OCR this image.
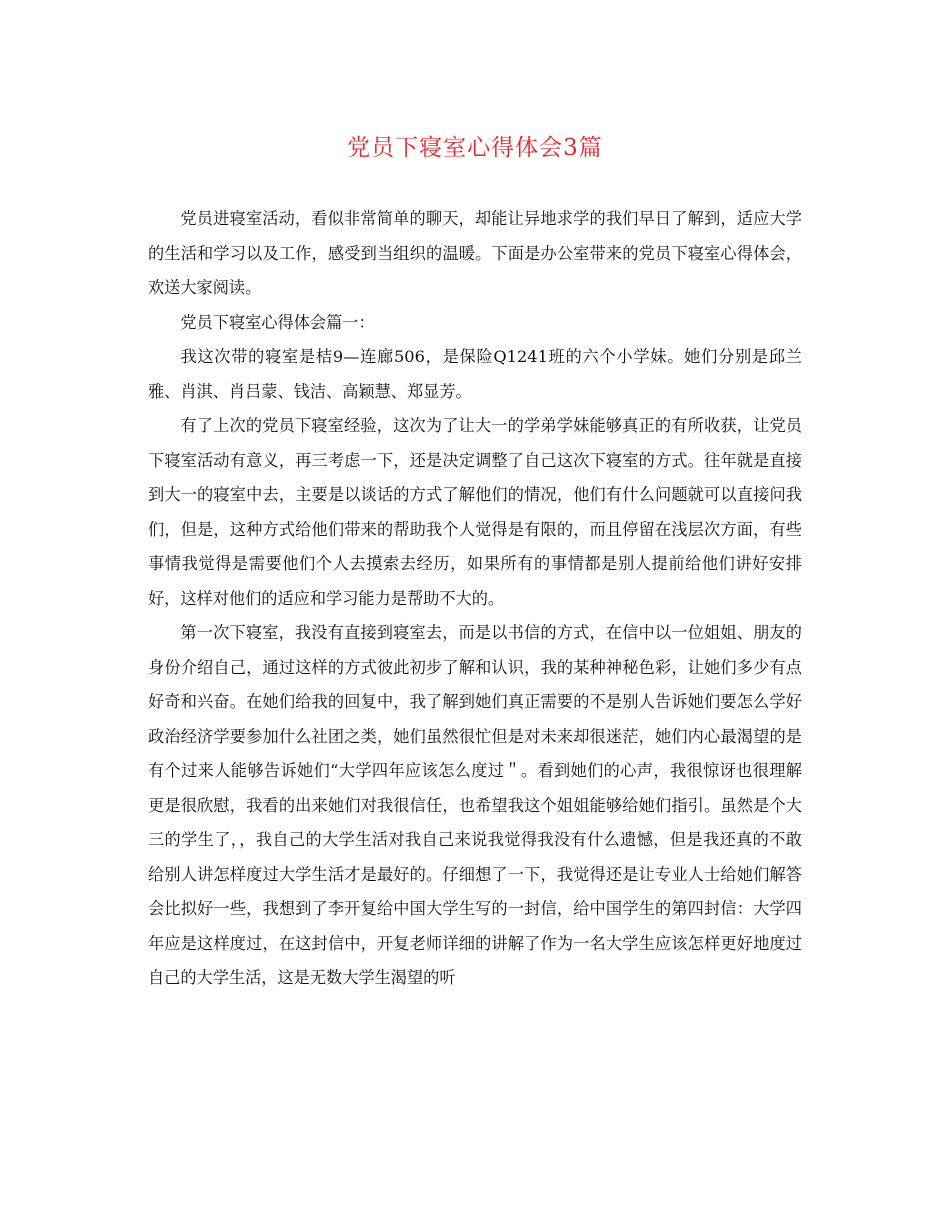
党员下寝室心得体会3篇

党员进寝室活动，看似非常简单的聊天，却能让异地求学的我们早日了解到，适应大学的生活和学习以及工作，感受到当组织的温暖。下面是办公室带来的党员下寝室心得体会，欢送大家阅读。

党员下寝室心得体会篇一：

我这次带的寝室是桔9—连廊506，是保险Q1241班的六个小学妹。她们分别是邱兰雅、肖淇、肖吕蒙、钱洁、高颖慧、郑显芳。

有了上次的党员下寝室经验，这次为了让大一的学弟学妹能够真正的有所收获，让党员下寝室活动有意义，再三考虑一下，还是决定调整了自己这次下寝室的方式。往年就是直接到大一的寝室中去，主要是以谈话的方式了解他们的情况，他们有什么问题就可以直接问我们，但是，这种方式给他们带来的帮助我个人觉得是有限的，而且停留在浅层次方面，有些事情我觉得是需要他们个人去摸索去经历，如果所有的事情都是别人提前给他们讲好安排好，这样对他们的适应和学习能力是帮助不大的。

第一次下寝室，我没有直接到寝室去，而是以书信的方式，在信中以一位姐姐、朋友的身份介绍自己，通过这样的方式彼此初步了解和认识，我的某种神秘色彩，让她们多少有点好奇和兴奋。在她们给我的回复中，我了解到她们真正需要的不是别人告诉她们要怎么学好政治经济学要参加什么社团之类，她们虽然很忙但是对未来却很迷茫，她们内心最渴望的是有个过来人能够告诉她们“大学四年应该怎么度过＂。看到她们的心声，我很惊讶也很理解更是很欣慰，我看的出来她们对我很信任，也希望我这个姐姐能够给她们指引。虽然是个大三的学生了，，我自己的大学生活对我自己来说我觉得我没有什么遗憾，但是我还真的不敢给别人讲怎样度过大学生活才是最好的。仔细想了一下，我觉得还是让专业人士给她们解答会比拟好一些，我想到了李开复给中国大学生写的一封信，给中国学生的第四封信：大学四年应是这样度过，在这封信中，开复老师详细的讲解了作为一名大学生应该怎样更好地度过自己的大学生活，这是无数大学生渴望的听
